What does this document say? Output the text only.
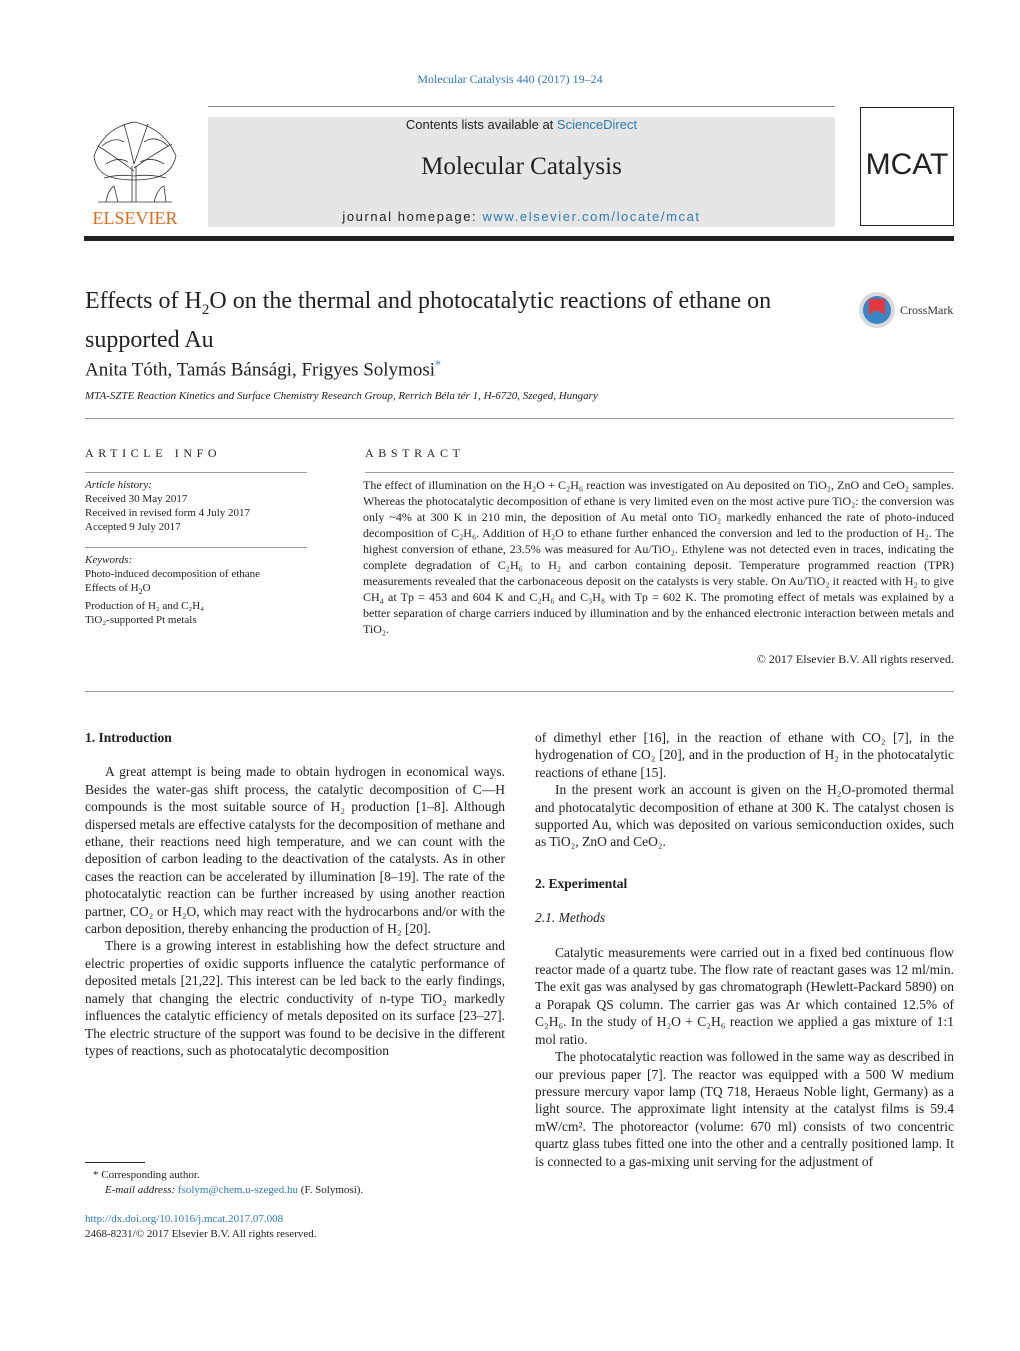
Molecular Catalysis 440 (2017) 19–24
ELSEVIER
Contents lists available at ScienceDirect
Molecular Catalysis
journal homepage: www.elsevier.com/locate/mcat
MCAT
Effects of $H_2O$ on the thermal and photocatalytic reactions of ethane on supported Au
CrossMark
Anita Tóth, Tamás Bánsági, Frigyes Solymosi*
MTA-SZTE Reaction Kinetics and Surface Chemistry Research Group, Rerrich Béla tér 1, H-6720, Szeged, Hungary
ARTICLE INFO	ABSTRACT
Article history:
Received 30 May 2017
Received in revised form 4 July 2017
Accepted 9 July 2017
Keywords:
Photo-induced decomposition of ethane
Effects of $H_2O$
Production of H₂ and C₂H₄
TiO₂-supported Pt metals
The effect of illumination on the H₂O + C₂H₆ reaction was investigated on Au deposited on TiO₂, ZnO and CeO₂ samples. Whereas the photocatalytic decomposition of ethane is very limited even on the most active pure TiO₂: the conversion was only ~4% at 300 K in 210 min, the deposition of Au metal onto TiO₂ markedly enhanced the rate of photo-induced decomposition of C₂H₆. Addition of H₂O to ethane further enhanced the conversion and led to the production of H₂. The highest conversion of ethane, 23.5% was measured for Au/TiO₂. Ethylene was not detected even in traces, indicating the complete degradation of C₂H₆ to H₂ and carbon containing deposit. Temperature programmed reaction (TPR) measurements revealed that the carbonaceous deposit on the catalysts is very stable. On Au/TiO₂ it reacted with H₂ to give CH₄ at Tp = 453 and 604 K and C₂H₆ and C₃H₈ with Tp = 602 K. The promoting effect of metals was explained by a better separation of charge carriers induced by illumination and by the enhanced electronic interaction between metals and TiO₂.
© 2017 Elsevier B.V. All rights reserved.
1. Introduction

A great attempt is being made to obtain hydrogen in economical ways. Besides the water-gas shift process, the catalytic decomposition of C—H compounds is the most suitable source of H₂ production [1–8]. Although dispersed metals are effective catalysts for the decomposition of methane and ethane, their reactions need high temperature, and we can count with the deposition of carbon leading to the deactivation of the catalysts. As in other cases the reaction can be accelerated by illumination [8–19]. The rate of the photocatalytic reaction can be further increased by using another reaction partner, CO₂ or H₂O, which may react with the hydrocarbons and/or with the carbon deposition, thereby enhancing the production of H₂ [20].

There is a growing interest in establishing how the defect structure and electric properties of oxidic supports influence the catalytic performance of deposited metals [21,22]. This interest can be led back to the early findings, namely that changing the electric conductivity of n-type TiO₂ markedly influences the catalytic efficiency of metals deposited on its surface [23–27]. The electric structure of the support was found to be decisive in the different types of reactions, such as photocatalytic decomposition

of dimethyl ether [16], in the reaction of ethane with CO₂ [7], in the hydrogenation of CO₂ [20], and in the production of H₂ in the photocatalytic reactions of ethane [15].

In the present work an account is given on the H₂O-promoted thermal and photocatalytic decomposition of ethane at 300 K. The catalyst chosen is supported Au, which was deposited on various semiconduction oxides, such as TiO₂, ZnO and CeO₂.

2. Experimental
2.1. Methods

Catalytic measurements were carried out in a fixed bed continuous flow reactor made of a quartz tube. The flow rate of reactant gases was 12 ml/min. The exit gas was analysed by gas chromatograph (Hewlett-Packard 5890) on a Porapak QS column. The carrier gas was Ar which contained 12.5% of C₂H₆. In the study of H₂O + C₂H₆ reaction we applied a gas mixture of 1:1 mol ratio.

The photocatalytic reaction was followed in the same way as described in our previous paper [7]. The reactor was equipped with a 500 W medium pressure mercury vapor lamp (TQ 718, Heraeus Noble light, Germany) as a light source. The approximate light intensity at the catalyst films is 59.4 mW/cm². The photoreactor (volume: 670 ml) consists of two concentric quartz glass tubes fitted one into the other and a centrally positioned lamp. It is connected to a gas-mixing unit serving for the adjustment of

* Corresponding author.
E-mail address: fsolym@chem.u-szeged.hu (F. Solymosi).
http://dx.doi.org/10.1016/j.mcat.2017.07.008
2468-8231/© 2017 Elsevier B.V. All rights reserved.
